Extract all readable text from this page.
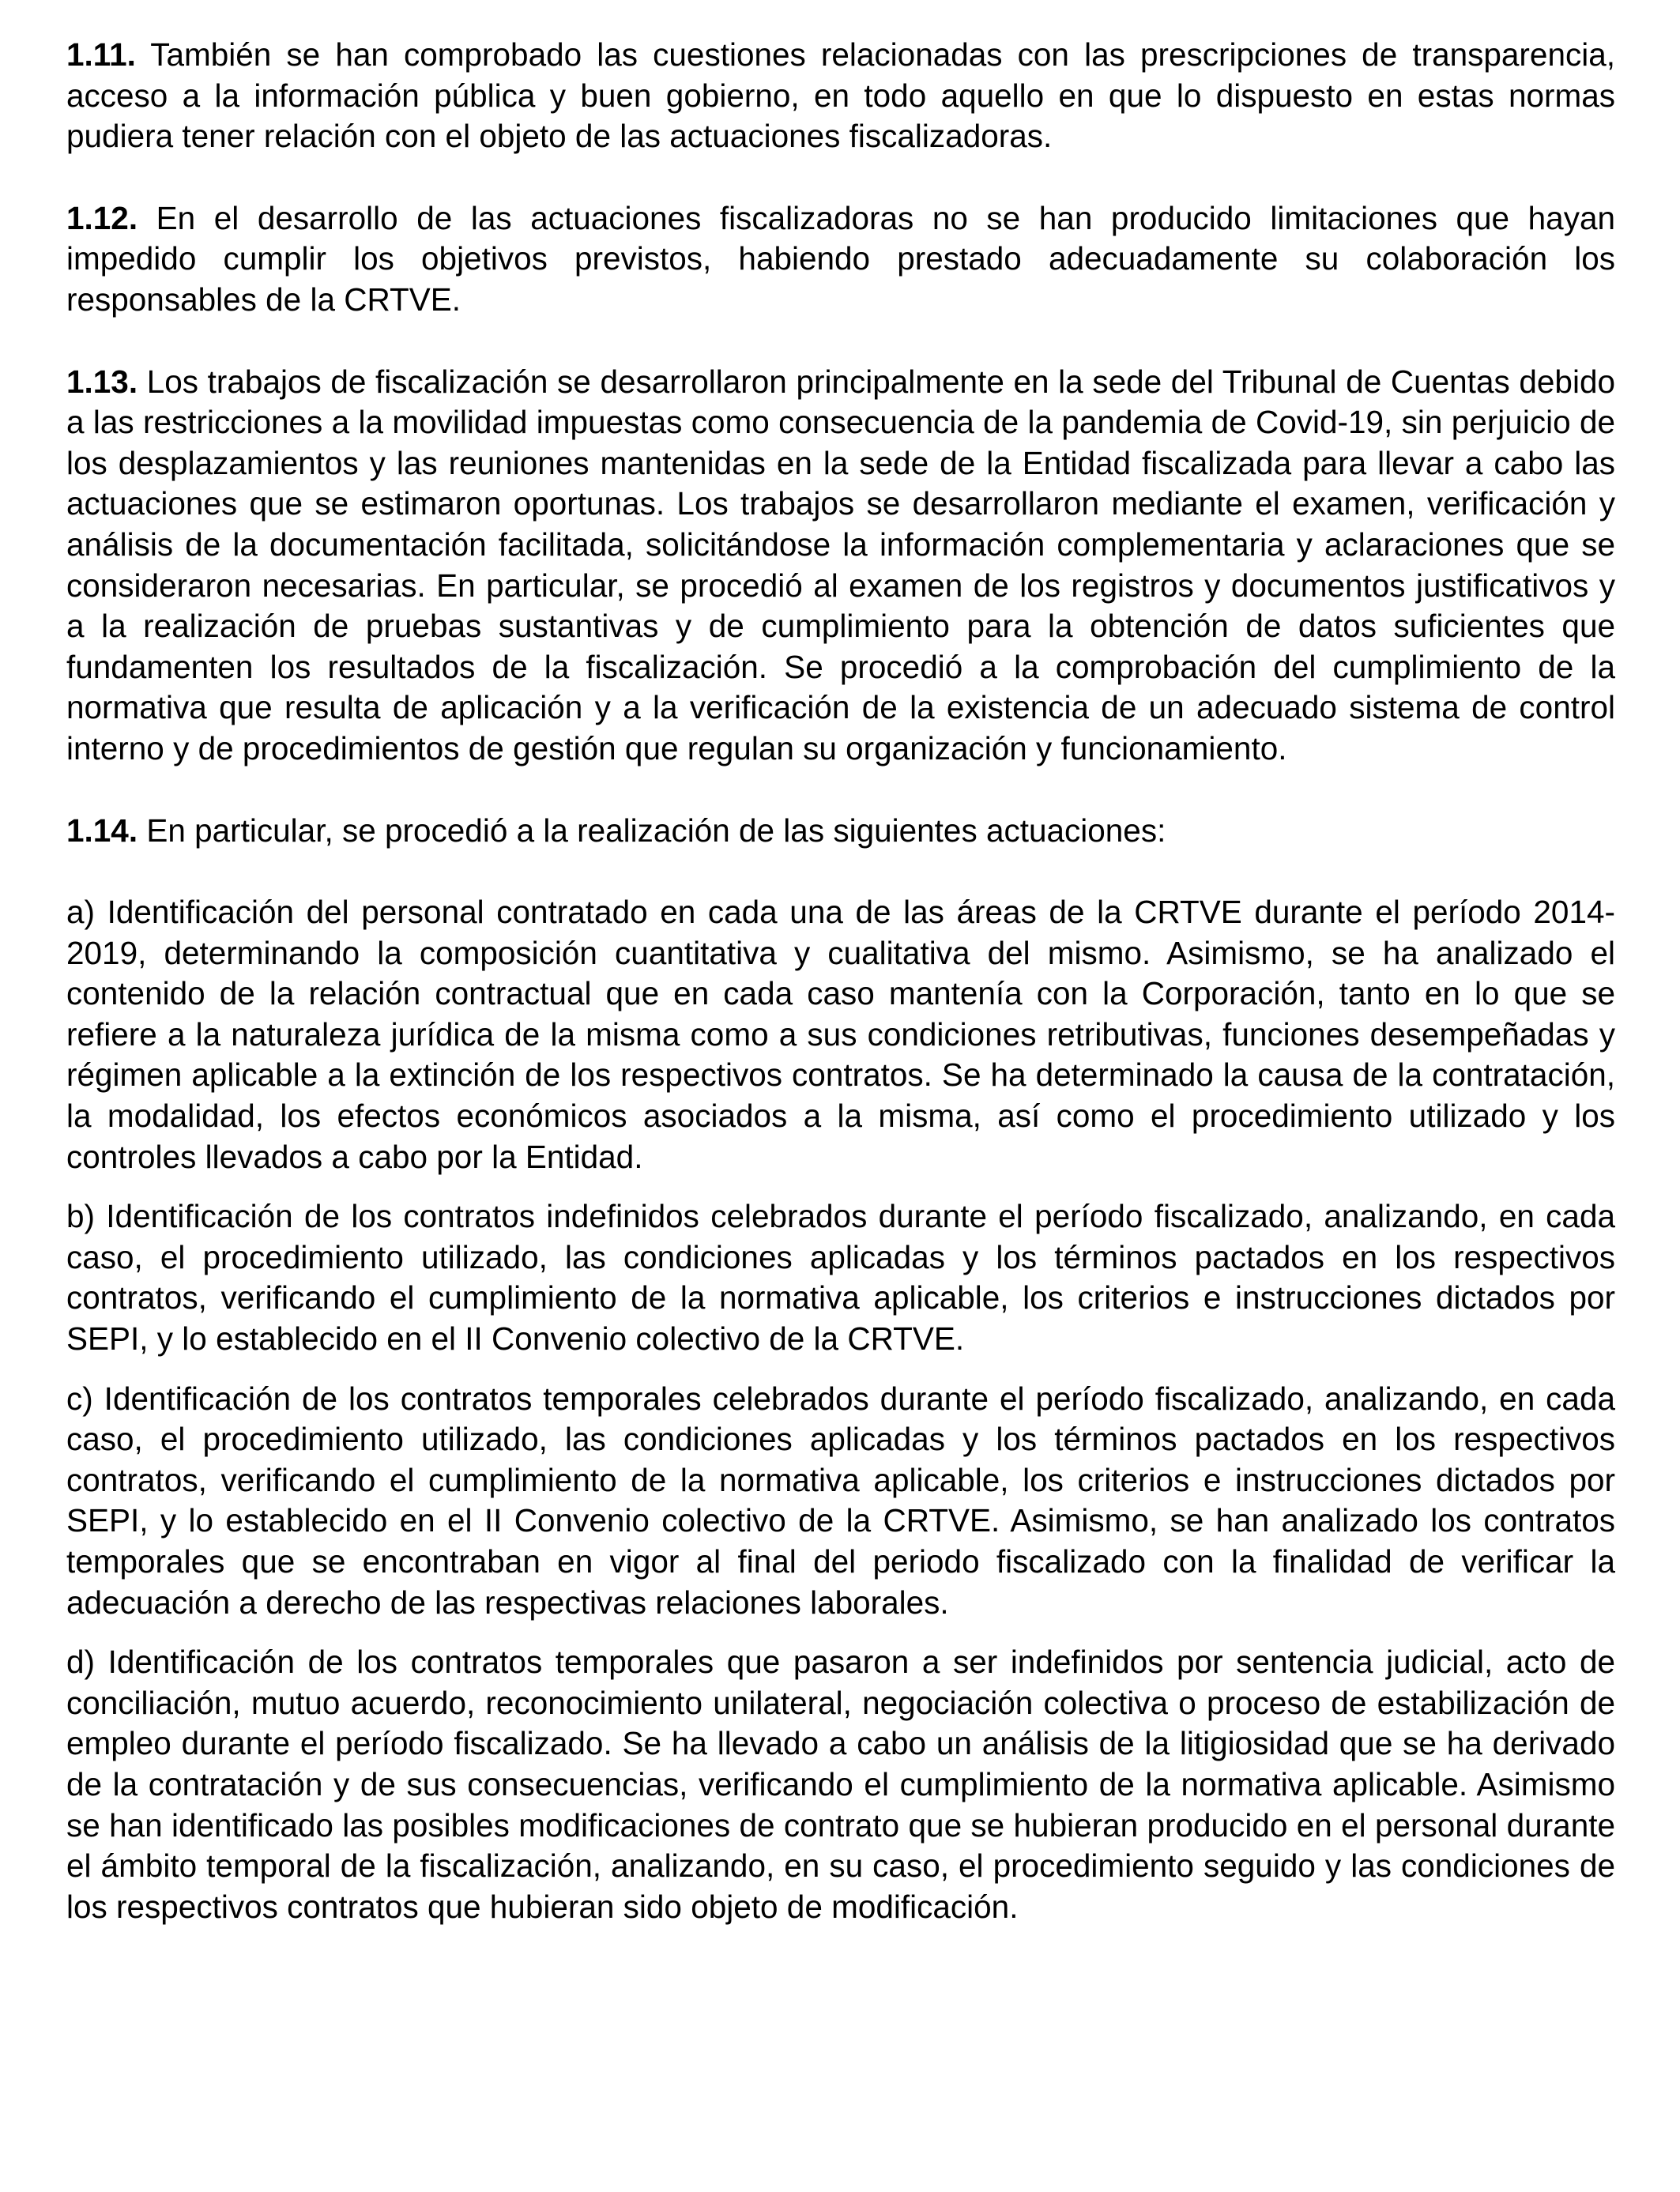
1.11. También se han comprobado las cuestiones relacionadas con las prescripciones de transparencia, acceso a la información pública y buen gobierno, en todo aquello en que lo dispuesto en estas normas pudiera tener relación con el objeto de las actuaciones fiscalizadoras.

1.12. En el desarrollo de las actuaciones fiscalizadoras no se han producido limitaciones que hayan impedido cumplir los objetivos previstos, habiendo prestado adecuadamente su colaboración los responsables de la CRTVE.

1.13. Los trabajos de fiscalización se desarrollaron principalmente en la sede del Tribunal de Cuentas debido a las restricciones a la movilidad impuestas como consecuencia de la pandemia de Covid-19, sin perjuicio de los desplazamientos y las reuniones mantenidas en la sede de la Entidad fiscalizada para llevar a cabo las actuaciones que se estimaron oportunas. Los trabajos se desarrollaron mediante el examen, verificación y análisis de la documentación facilitada, solicitándose la información complementaria y aclaraciones que se consideraron necesarias. En particular, se procedió al examen de los registros y documentos justificativos y a la realización de pruebas sustantivas y de cumplimiento para la obtención de datos suficientes que fundamenten los resultados de la fiscalización. Se procedió a la comprobación del cumplimiento de la normativa que resulta de aplicación y a la verificación de la existencia de un adecuado sistema de control interno y de procedimientos de gestión que regulan su organización y funcionamiento.

1.14. En particular, se procedió a la realización de las siguientes actuaciones:

a) Identificación del personal contratado en cada una de las áreas de la CRTVE durante el período 2014-2019, determinando la composición cuantitativa y cualitativa del mismo. Asimismo, se ha analizado el contenido de la relación contractual que en cada caso mantenía con la Corporación, tanto en lo que se refiere a la naturaleza jurídica de la misma como a sus condiciones retributivas, funciones desempeñadas y régimen aplicable a la extinción de los respectivos contratos. Se ha determinado la causa de la contratación, la modalidad, los efectos económicos asociados a la misma, así como el procedimiento utilizado y los controles llevados a cabo por la Entidad.

b) Identificación de los contratos indefinidos celebrados durante el período fiscalizado, analizando, en cada caso, el procedimiento utilizado, las condiciones aplicadas y los términos pactados en los respectivos contratos, verificando el cumplimiento de la normativa aplicable, los criterios e instrucciones dictados por SEPI, y lo establecido en el II Convenio colectivo de la CRTVE.

c) Identificación de los contratos temporales celebrados durante el período fiscalizado, analizando, en cada caso, el procedimiento utilizado, las condiciones aplicadas y los términos pactados en los respectivos contratos, verificando el cumplimiento de la normativa aplicable, los criterios e instrucciones dictados por SEPI, y lo establecido en el II Convenio colectivo de la CRTVE. Asimismo, se han analizado los contratos temporales que se encontraban en vigor al final del periodo fiscalizado con la finalidad de verificar la adecuación a derecho de las respectivas relaciones laborales.

d) Identificación de los contratos temporales que pasaron a ser indefinidos por sentencia judicial, acto de conciliación, mutuo acuerdo, reconocimiento unilateral, negociación colectiva o proceso de estabilización de empleo durante el período fiscalizado. Se ha llevado a cabo un análisis de la litigiosidad que se ha derivado de la contratación y de sus consecuencias, verificando el cumplimiento de la normativa aplicable. Asimismo se han identificado las posibles modificaciones de contrato que se hubieran producido en el personal durante el ámbito temporal de la fiscalización, analizando, en su caso, el procedimiento seguido y las condiciones de los respectivos contratos que hubieran sido objeto de modificación.
